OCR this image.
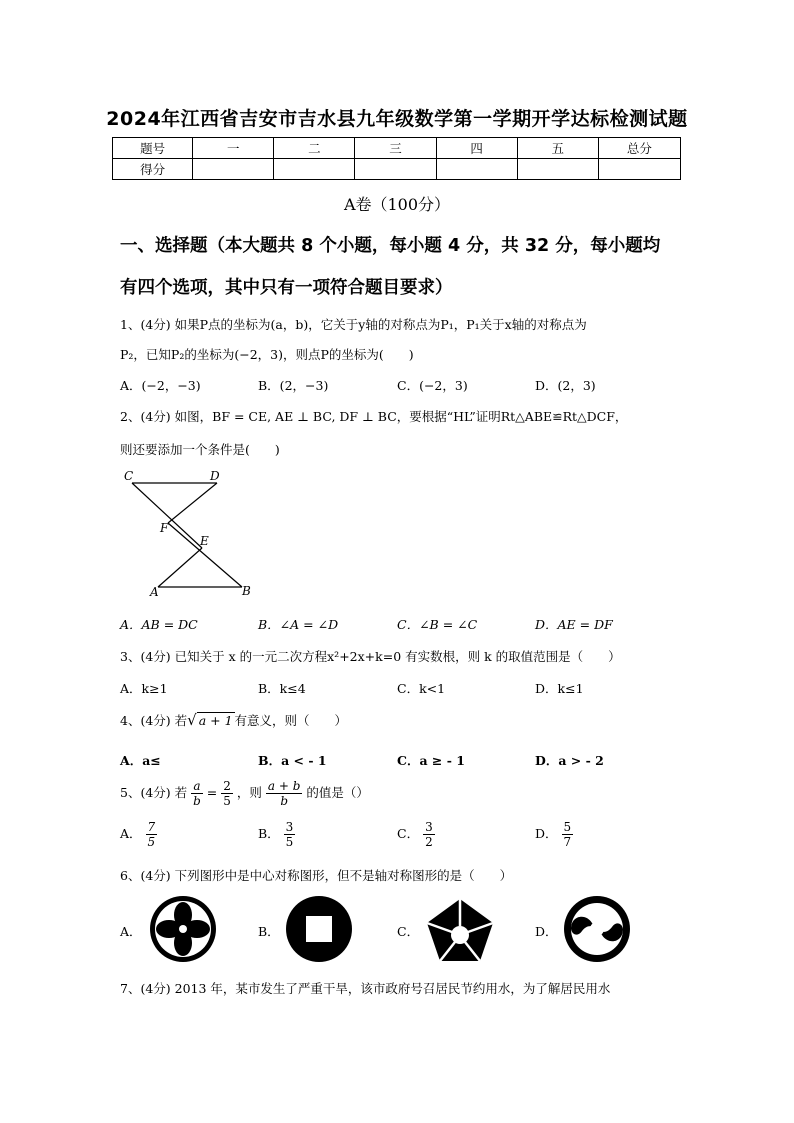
2024年江西省吉安市吉水县九年级数学第一学期开学达标检测试题
题号	一	二	三	四	五	总分
得分						
A卷（100分）
一、选择题（本大题共 8 个小题，每小题 4 分，共 32 分，每小题均
有四个选项，其中只有一项符合题目要求）
1、(4分) 如果P点的坐标为(a，b)，它关于y轴的对称点为P₁，P₁关于x轴的对称点为
P₂，已知P₂的坐标为(−2，3)，则点P的坐标为(　　)
A．(−2，−3)	B．(2，−3)	C．(−2，3)	D．(2，3)
2、(4分) 如图，BF = CE, AE ⊥ BC, DF ⊥ BC，要根据“HL”证明Rt△ABE≌Rt△DCF，
则还要添加一个条件是(　　)
C	D
F
E
A	B
A．AB = DC	B．∠A = ∠D	C．∠B = ∠C	D．AE = DF
3、(4分) 已知关于 x 的一元二次方程x²+2x+k=0 有实数根，则 k 的取值范围是（　　）
A．k≥1	B．k≤4	C．k<1	D．k≤1
4、(4分) 若√ a + 1 有意义，则（　　）
A．a≤	B．a < - 1	C．a ≥ - 1	D．a > - 2
5、(4分) 若 $\frac{a}{b} = \frac{2}{5}$ ，则 $\frac{a + b}{b}$ 的值是（）
A． $\frac{7}{5}$	B． $\frac{3}{5}$	C． $\frac{3}{2}$	D． $\frac{5}{7}$
6、(4分) 下列图形中是中心对称图形，但不是轴对称图形的是（　　）
A．	B．	C．	D．
7、(4分) 2013 年，某市发生了严重干旱，该市政府号召居民节约用水，为了解居民用水
